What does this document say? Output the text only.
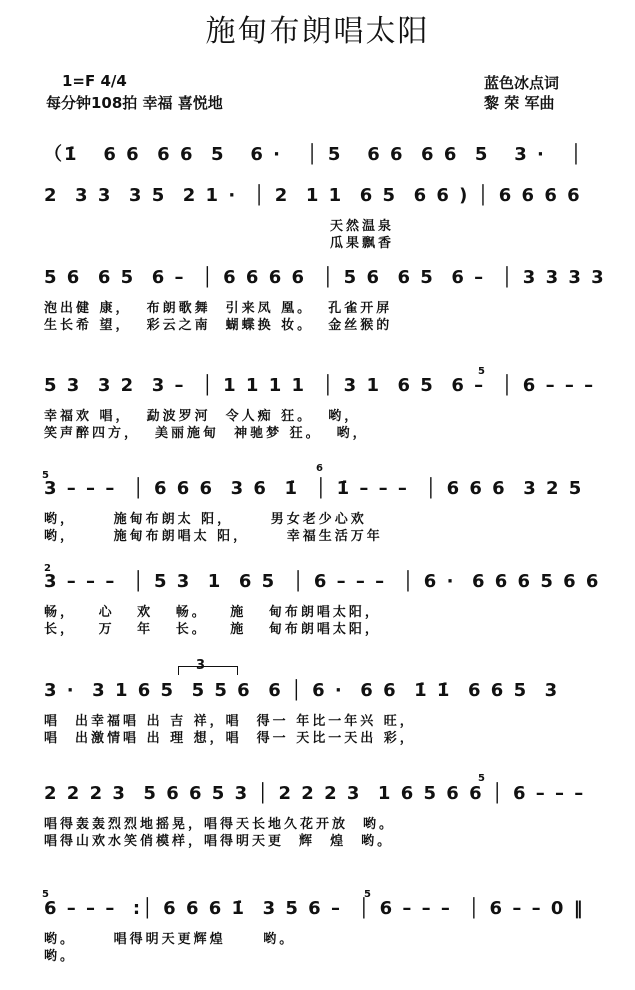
施甸布朗唱太阳
1=F 4/4
每分钟108拍 幸福 喜悦地
蓝色冰点词
黎 荣 军曲
（1̇   6 6  6 6  5   6 ·   │ 5   6 6  6 6  5   3 ·   │
2  3 3  3 5  2 1 ·  │ 2  1 1  6 5  6 6 ) │ 6 6 6 6
天然温泉
瓜果飘香
5 6  6 5  6 –  │ 6 6 6 6  │ 5 6  6 5  6 –  │ 3 3 3 3
泡出健 康，  布朗歌舞  引来凤 凰。  孔雀开屏
生长希 望，  彩云之南  蝴蝶换 妆。  金丝猴的
5 3  3 2  3 –  │ 1 1 1 1  │ 3 1  6 5  6 –  │ 6 – – –
幸福欢 唱，  勐波罗河  令人痴 狂。  哟，
笑声醉四方，  美丽施甸  神驰梦 狂。  哟，
3 – – –  │ 6 6 6  3 6  1̇  │ 1̇ – – –  │ 6 6 6  3 2 5
哟，     施甸布朗太 阳，     男女老少心欢
哟，     施甸布朗唱太 阳，     幸福生活万年
3 – – –  │ 5 3  1  6 5  │ 6 – – –  │ 6 ·  6 6 6 5 6 6
畅，   心   欢   畅。   施   甸布朗唱太阳，
长，   万   年   长。   施   甸布朗唱太阳，
3 ·  3 1 6 5  5 5 6  6 │ 6 ·  6 6  1̇ 1̇  6 6 5  3
唱  出幸福唱 出 吉 祥，唱  得一 年比一年兴 旺，
唱  出激情唱 出 理 想，唱  得一 天比一天出 彩，
2 2 2 3  5 6 6 5 3 │ 2 2 2 3  1 6 5 6 6 │ 6 – – –
唱得轰轰烈烈地摇晃，唱得天长地久花开放  哟。
唱得山欢水笑俏模样，唱得明天更  辉  煌  哟。
6 – – –  :│ 6 6 6 1̇  3 5 6 –  │ 6 – – –  │ 6 – – 0 ‖
哟。     唱得明天更辉煌     哟。
哟。
3
5
5
6
2
5
5	5
